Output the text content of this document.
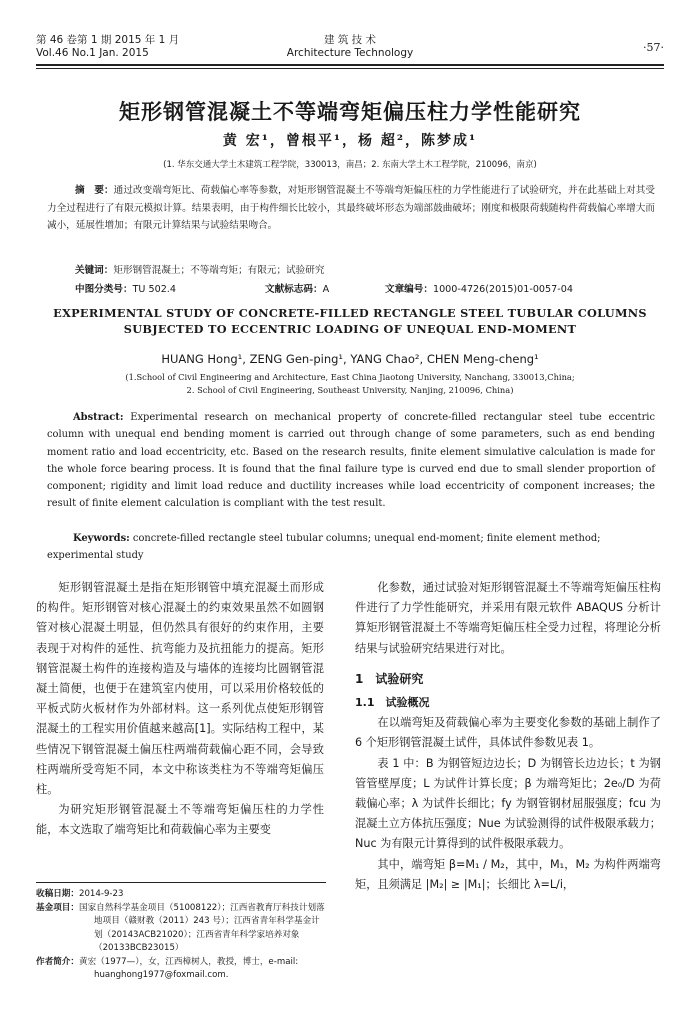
第 46 卷第 1 期 2015 年 1 月
Vol.46 No.1 Jan. 2015
建 筑 技 术
Architecture Technology	·57·
矩形钢管混凝土不等端弯矩偏压柱力学性能研究
黄 宏¹，曾根平¹，杨 超²，陈梦成¹
(1. 华东交通大学土木建筑工程学院，330013，南昌；2. 东南大学土木工程学院，210096，南京)
摘　要：通过改变端弯矩比、荷载偏心率等参数，对矩形钢管混凝土不等端弯矩偏压柱的力学性能进行了试验研究，并在此基础上对其受力全过程进行了有限元模拟计算。结果表明，由于构件细长比较小，其最终破坏形态为端部鼓曲破坏；刚度和极限荷载随构件荷载偏心率增大而减小，延展性增加；有限元计算结果与试验结果吻合。
关键词：矩形钢管混凝土；不等端弯矩；有限元；试验研究
中图分类号：TU 502.4	文献标志码：A	文章编号：1000-4726(2015)01-0057-04
EXPERIMENTAL STUDY OF CONCRETE-FILLED RECTANGLE STEEL TUBULAR COLUMNS
SUBJECTED TO ECCENTRIC LOADING OF UNEQUAL END-MOMENT
HUANG Hong¹, ZENG Gen-ping¹, YANG Chao², CHEN Meng-cheng¹
(1.School of Civil Engineering and Architecture, East China Jiaotong University, Nanchang, 330013,China;
2. School of Civil Engineering, Southeast University, Nanjing, 210096, China)
Abstract: Experimental research on mechanical property of concrete-filled rectangular steel tube eccentric column with unequal end bending moment is carried out through change of some parameters, such as end bending moment ratio and load eccentricity, etc. Based on the research results, finite element simulative calculation is made for the whole force bearing process. It is found that the final failure type is curved end due to small slender proportion of component; rigidity and limit load reduce and ductility increases while load eccentricity of component increases; the result of finite element calculation is compliant with the test result.
Keywords: concrete-filled rectangle steel tubular columns; unequal end-moment; finite element method; experimental study

矩形钢管混凝土是指在矩形钢管中填充混凝土而形成的构件。矩形钢管对核心混凝土的约束效果虽然不如圆钢管对核心混凝土明显，但仍然具有很好的约束作用，主要表现于对构件的延性、抗弯能力及抗扭能力的提高。矩形钢管混凝土构件的连接构造及与墙体的连接均比圆钢管混凝土简便，也便于在建筑室内使用，可以采用价格较低的平板式防火板材作为外部材料。这一系列优点使矩形钢管混凝土的工程实用价值越来越高[1]。实际结构工程中，某些情况下钢管混凝土偏压柱两端荷载偏心距不同，会导致柱两端所受弯矩不同，本文中称该类柱为不等端弯矩偏压柱。

为研究矩形钢管混凝土不等端弯矩偏压柱的力学性能，本文选取了端弯矩比和荷载偏心率为主要变

收稿日期：2014-9-23
基金项目：国家自然科学基金项目（51008122）；江西省教育厅科技计划落地项目（赣财教（2011）243 号）；江西省青年科学基金计划（20143ACB21020）；江西省青年科学家培养对象（20133BCB23015）
作者简介：黄宏（1977—），女，江西樟树人，教授，博士，e-mail: huanghong1977@foxmail.com.

化参数，通过试验对矩形钢管混凝土不等端弯矩偏压柱构件进行了力学性能研究，并采用有限元软件 ABAQUS 分析计算矩形钢管混凝土不等端弯矩偏压柱全受力过程，将理论分析结果与试验研究结果进行对比。

1　试验研究

1.1　试验概况

在以端弯矩及荷载偏心率为主要变化参数的基础上制作了 6 个矩形钢管混凝土试件，具体试件参数见表 1。

表 1 中：B 为钢管短边边长；D 为钢管长边边长；t 为钢管管壁厚度；L 为试件计算长度；β 为端弯矩比；2e₀/D 为荷载偏心率；λ 为试件长细比；fy 为钢管钢材屈服强度；fcu 为混凝土立方体抗压强度；Nue 为试验测得的试件极限承载力；Nuc 为有限元计算得到的试件极限承载力。

其中，端弯矩 β=M₁ / M₂，其中，M₁，M₂ 为构件两端弯矩，且须满足 |M₂| ≥ |M₁|；长细比 λ=L/i，
